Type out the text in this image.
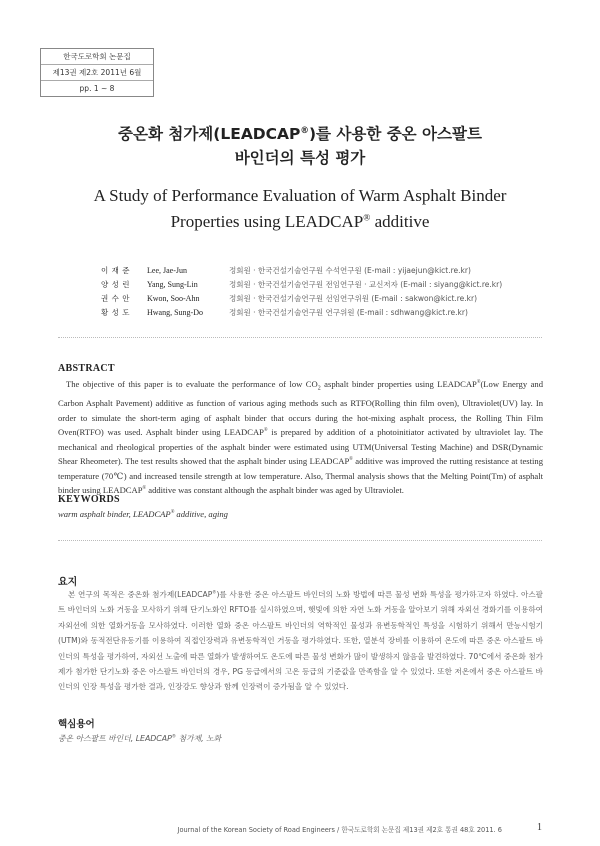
한국도로학회 논문집
제13권 제2호 2011년 6월
pp. 1 ~ 8
중온화 첨가제(LEADCAP®)를 사용한 중온 아스팔트
바인더의 특성 평가
A Study of Performance Evaluation of Warm Asphalt Binder
Properties using LEADCAP® additive
이 재 준	Lee, Jae-Jun	정회원 · 한국건설기술연구원 수석연구원 (E-mail : yijaejun@kict.re.kr)
양 성 린	Yang, Sung-Lin	정회원 · 한국건설기술연구원 전임연구원 · 교신저자 (E-mail : siyang@kict.re.kr)
권 수 안	Kwon, Soo-Ahn	정회원 · 한국건설기술연구원 선임연구위원 (E-mail : sakwon@kict.re.kr)
황 성 도	Hwang, Sung-Do	정회원 · 한국건설기술연구원 연구위원 (E-mail : sdhwang@kict.re.kr)
ABSTRACT
The objective of this paper is to evaluate the performance of low $CO_2$ asphalt binder properties using LEADCAP®(Low Energy and Carbon Asphalt Pavement) additive as function of various aging methods such as RTFO(Rolling thin film oven), Ultraviolet(UV) lay. In order to simulate the short-term aging of asphalt binder that occurs during the hot-mixing asphalt process, the Rolling Thin Film Oven(RTFO) was used. Asphalt binder using LEADCAP® is prepared by addition of a photoinitiator activated by ultraviolet lay. The mechanical and rheological properties of the asphalt binder were estimated using UTM(Universal Testing Machine) and DSR(Dynamic Shear Rheometer). The test results showed that the asphalt binder using LEADCAP® additive was improved the rutting resistance at testing temperature (70℃) and increased tensile strength at low temperature. Also, Thermal analysis shows that the Melting Point(Tm) of asphalt binder using LEADCAP® additive was constant although the asphalt binder was aged by Ultraviolet.
KEYWORDS
warm asphalt binder, LEADCAP® additive, aging
요지
본 연구의 목적은 중온화 첨가제(LEADCAP®)를 사용한 중온 아스팔트 바인더의 노화 방법에 따른 물성 변화 특성을 평가하고자 하였다. 아스팔트 바인더의 노화 거동을 모사하기 위해 단기노화인 RFTO를 실시하였으며, 햇빛에 의한 자연 노화 거동을 알아보기 위해 자외선 경화기를 이용하여 자외선에 의한 열화거동을 모사하였다. 이러한 열화 중온 아스팔트 바인더의 역학적인 물성과 유변동학적인 특성을 시험하기 위해서 만능시험기(UTM)와 동적전단유동기를 이용하여 직접인장력과 유변동학적인 거동을 평가하였다. 또한, 열분석 장비를 이용하여 온도에 따른 중온 아스팔트 바인더의 특성을 평가하여, 자외선 노출에 따른 열화가 발생하여도 온도에 따른 물성 변화가 많이 발생하지 않음을 발견하였다. 70℃에서 중온화 첨가제가 첨가한 단기노화 중온 아스팔트 바인더의 경우, PG 등급에서의 고온 등급의 기준값을 만족함을 알 수 있었다. 또한 저온에서 중온 아스팔트 바인더의 인장 특성을 평가한 결과, 인장강도 향상과 함께 인장력이 증가됨을 알 수 있었다.
핵심용어
중온 아스팔트 바인더, LEADCAP® 첨가제, 노화
Journal of the Korean Society of Road Engineers / 한국도로학회 논문집 제13권 제2호 통권 48호 2011. 6	1
